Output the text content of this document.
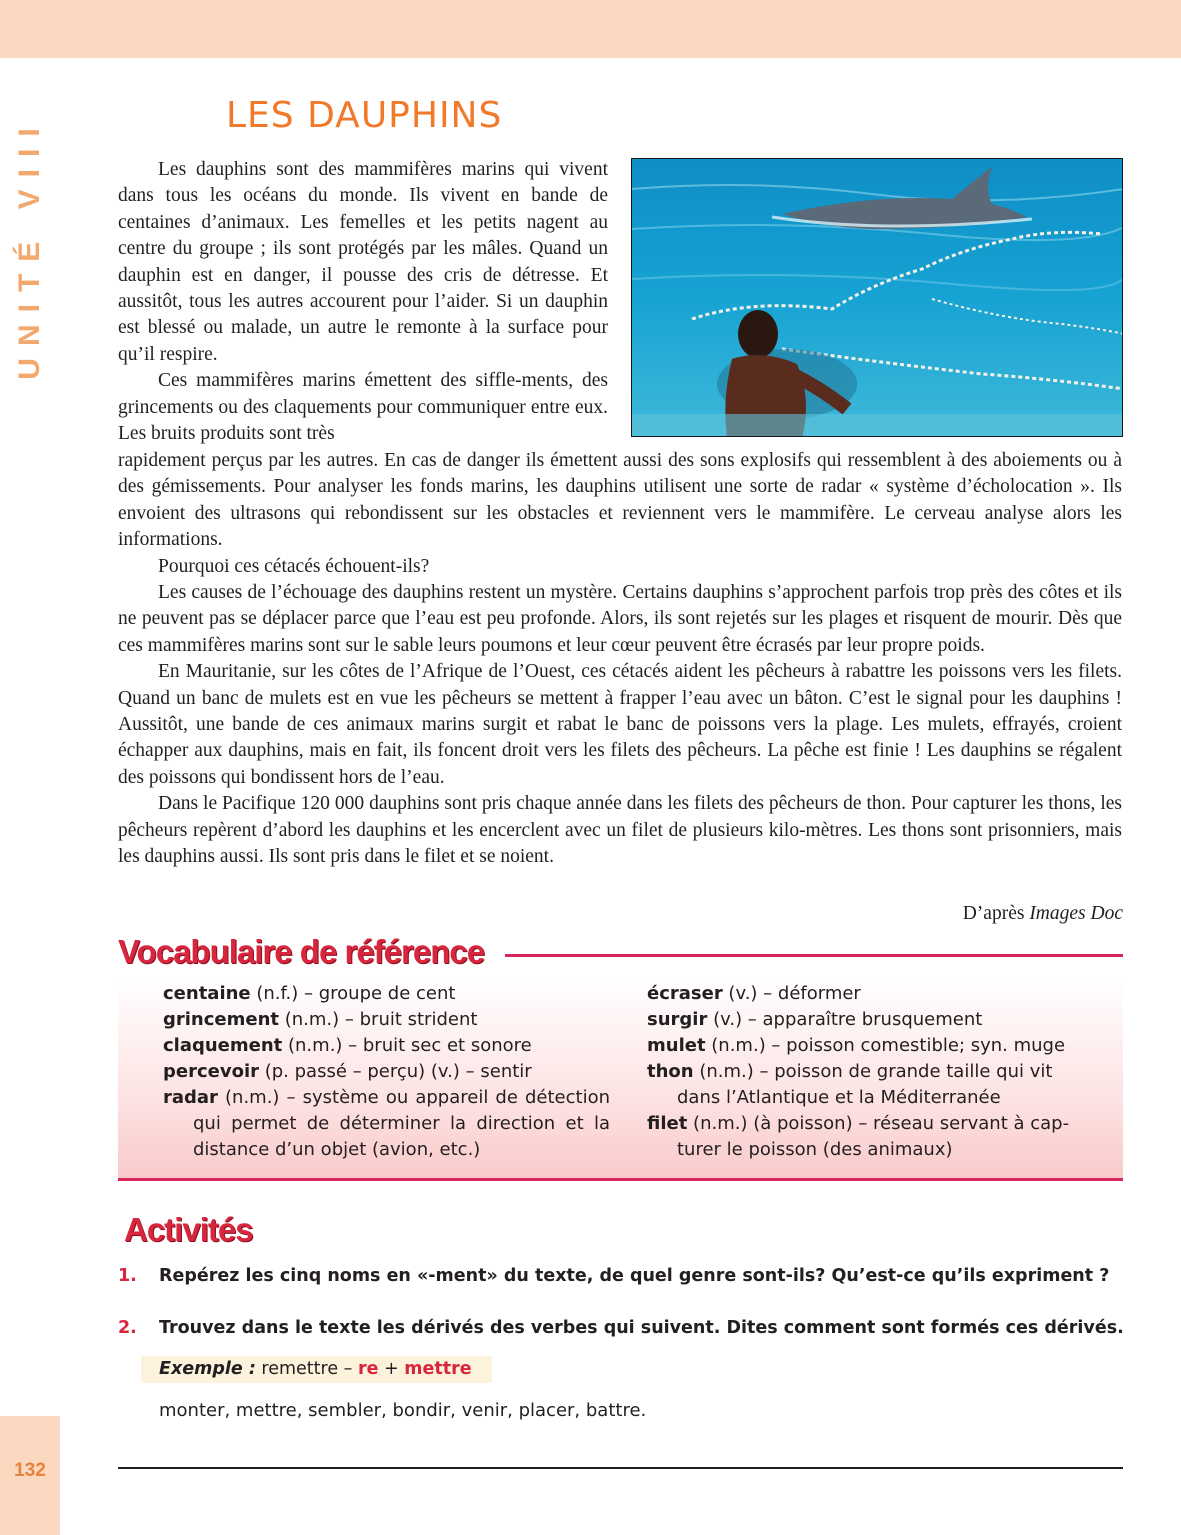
132
UNITÉ VIII
LES DAUPHINS

Les dauphins sont des mammifères marins qui vivent dans tous les océans du monde. Ils vivent en bande de centaines d’animaux. Les femelles et les petits nagent au centre du groupe ; ils sont protégés par les mâles. Quand un dauphin est en danger, il pousse des cris de détresse. Et aussitôt, tous les autres accourent pour l’aider. Si un dauphin est blessé ou malade, un autre le remonte à la surface pour qu’il respire.

Ces mammifères marins émettent des siffle-ments, des grincements ou des claquements pour communiquer entre eux. Les bruits produits sont très

rapidement perçus par les autres. En cas de danger ils émettent aussi des sons explosifs qui ressemblent à des aboiements ou à des gémissements. Pour analyser les fonds marins, les dauphins utilisent une sorte de radar « système d’écholocation ». Ils envoient des ultrasons qui rebondissent sur les obstacles et reviennent vers le mammifère. Le cerveau analyse alors les informations.

Pourquoi ces cétacés échouent-ils?

Les causes de l’échouage des dauphins restent un mystère. Certains dauphins s’approchent parfois trop près des côtes et ils ne peuvent pas se déplacer parce que l’eau est peu profonde. Alors, ils sont rejetés sur les plages et risquent de mourir. Dès que ces mammifères marins sont sur le sable leurs poumons et leur cœur peuvent être écrasés par leur propre poids.

En Mauritanie, sur les côtes de l’Afrique de l’Ouest, ces cétacés aident les pêcheurs à rabattre les poissons vers les filets. Quand un banc de mulets est en vue les pêcheurs se mettent à frapper l’eau avec un bâton. C’est le signal pour les dauphins ! Aussitôt, une bande de ces animaux marins surgit et rabat le banc de poissons vers la plage. Les mulets, effrayés, croient échapper aux dauphins, mais en fait, ils foncent droit vers les filets des pêcheurs. La pêche est finie ! Les dauphins se régalent des poissons qui bondissent hors de l’eau.

Dans le Pacifique 120 000 dauphins sont pris chaque année dans les filets des pêcheurs de thon. Pour capturer les thons, les pêcheurs repèrent d’abord les dauphins et les encerclent avec un filet de plusieurs kilo-mètres. Les thons sont prisonniers, mais les dauphins aussi. Ils sont pris dans le filet et se noient.

D’après Images Doc
Vocabulaire de référence
centaine (n.f.) – groupe de cent
grincement (n.m.) – bruit strident
claquement (n.m.) – bruit sec et sonore
percevoir (p. passé – perçu) (v.) – sentir
radar (n.m.) – système ou appareil de détection qui permet de déterminer la direction et la distance d’un objet (avion, etc.)
écraser (v.) – déformer
surgir (v.) – apparaître brusquement
mulet (n.m.) – poisson comestible; syn. muge
thon (n.m.) – poisson de grande taille qui vit dans l’Atlantique et la Méditerranée
filet (n.m.) (à poisson) – réseau servant à cap-turer le poisson (des animaux)
Activités
1. Repérez les cinq noms en «-ment» du texte, de quel genre sont-ils? Qu’est-ce qu’ils expriment ?
2. Trouvez dans le texte les dérivés des verbes qui suivent. Dites comment sont formés ces dérivés.
Exemple : remettre – re + mettre
monter, mettre, sembler, bondir, venir, placer, battre.
